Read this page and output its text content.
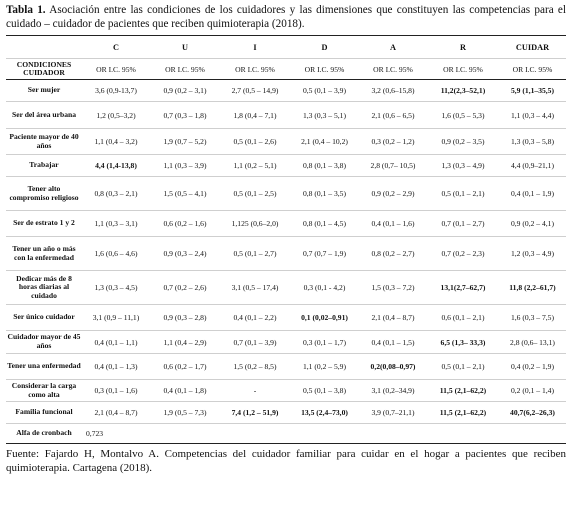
Tabla 1. Asociación entre las condiciones de los cuidadores y las dimensiones que constituyen las competencias para el cuidado – cuidador de pacientes que reciben quimioterapia (2018).

	C	U	I	D	A	R	CUIDAR
CONDICIONES CUIDADOR	OR I.C. 95%	OR I.C. 95%	OR I.C. 95%	OR I.C. 95%	OR I.C. 95%	OR I.C. 95%	OR I.C. 95%
Ser mujer	3,6 (0,9-13,7)	0,9 (0,2 – 3,1)	2,7 (0,5 – 14,9)	0,5 (0,1 – 3,9)	3,2 (0,6–15,8)	11,2(2,3–52,1)	5,9 (1,1–35,5)
Ser del área urbana	1,2 (0,5–3,2)	0,7 (0,3 – 1,8)	1,8 (0,4 – 7,1)	1,3 (0,3 – 5,1)	2,1 (0,6 – 6,5)	1,6 (0,5 – 5,3)	1,1 (0,3 – 4,4)
Paciente mayor de 40 años	1,1 (0,4 – 3,2)	1,9 (0,7 – 5,2)	0,5 (0,1 – 2,6)	2,1 (0,4 – 10,2)	0,3 (0,2 – 1,2)	0,9 (0,2 – 3,5)	1,3 (0,3 – 5,8)
Trabajar	4,4 (1,4-13,8)	1,1 (0,3 – 3,9)	1,1 (0,2 – 5,1)	0,8 (0,1 – 3,8)	2,8 (0,7– 10,5)	1,3 (0,3 – 4,9)	4,4 (0,9–21,1)
Tener alto compromiso religioso	0,8 (0,3 – 2,1)	1,5 (0,5 – 4,1)	0,5 (0,1 – 2,5)	0,8 (0,1 – 3,5)	0,9 (0,2 – 2,9)	0,5 (0,1 – 2,1)	0,4 (0,1 – 1,9)
Ser de estrato 1 y 2	1,1 (0,3 – 3,1)	0,6 (0,2 – 1,6)	1,125 (0,6–2,0)	0,8 (0,1 – 4,5)	0,4 (0,1 – 1,6)	0,7 (0,1 – 2,7)	0,9 (0,2 – 4,1)
Tener un año o más con la enfermedad	1,6 (0,6 – 4,6)	0,9 (0,3 – 2,4)	0,5 (0,1 – 2,7)	0,7 (0,7 – 1,9)	0,8 (0,2 – 2,7)	0,7 (0,2 – 2,3)	1,2 (0,3 – 4,9)
Dedicar más de 8 horas diarias al cuidado	1,3 (0,3 – 4,5)	0,7 (0,2 – 2,6)	3,1 (0,5 – 17,4)	0,3 (0,1 - 4,2)	1,5 (0,3 – 7,2)	13,1(2,7–62,7)	11,8 (2,2–61,7)
Ser único cuidador	3,1 (0,9 – 11,1)	0,9 (0,3 – 2,8)	0,4 (0,1 – 2,2)	0,1 (0,02–0,91)	2,1 (0,4 – 8,7)	0,6 (0,1 – 2,1)	1,6 (0,3 – 7,5)
Cuidador mayor de 45 años	0,4 (0,1 – 1,1)	1,1 (0,4 – 2,9)	0,7 (0,1 – 3,9)	0,3 (0,1 – 1,7)	0,4 (0,1 – 1,5)	6,5 (1,3– 33,3)	2,8 (0,6– 13,1)
Tener una enfermedad	0,4 (0,1 – 1,3)	0,6 (0,2 – 1,7)	1,5 (0,2 – 8,5)	1,1 (0,2 – 5,9)	0,2(0,08–0,97)	0,5 (0,1 – 2,1)	0,4 (0,2 – 1,9)
Considerar la carga como alta	0,3 (0,1 – 1,6)	0,4 (0,1 – 1,8)	-	0,5 (0,1 – 3,8)	3,1 (0,2–34,9)	11,5 (2,1–62,2)	0,2 (0,1 – 1,4)
Familia funcional	2,1 (0,4 – 8,7)	1,9 (0,5 – 7,3)	7,4 (1,2 – 51,9)	13,5 (2,4–73,0)	3,9 (0,7–21,1)	11,5 (2,1–62,2)	40,7(6,2–26,3)
Alfa de cronbach	0,723						

Fuente: Fajardo H, Montalvo A. Competencias del cuidador familiar para cuidar en el hogar a pacientes que reciben quimioterapia. Cartagena (2018).
